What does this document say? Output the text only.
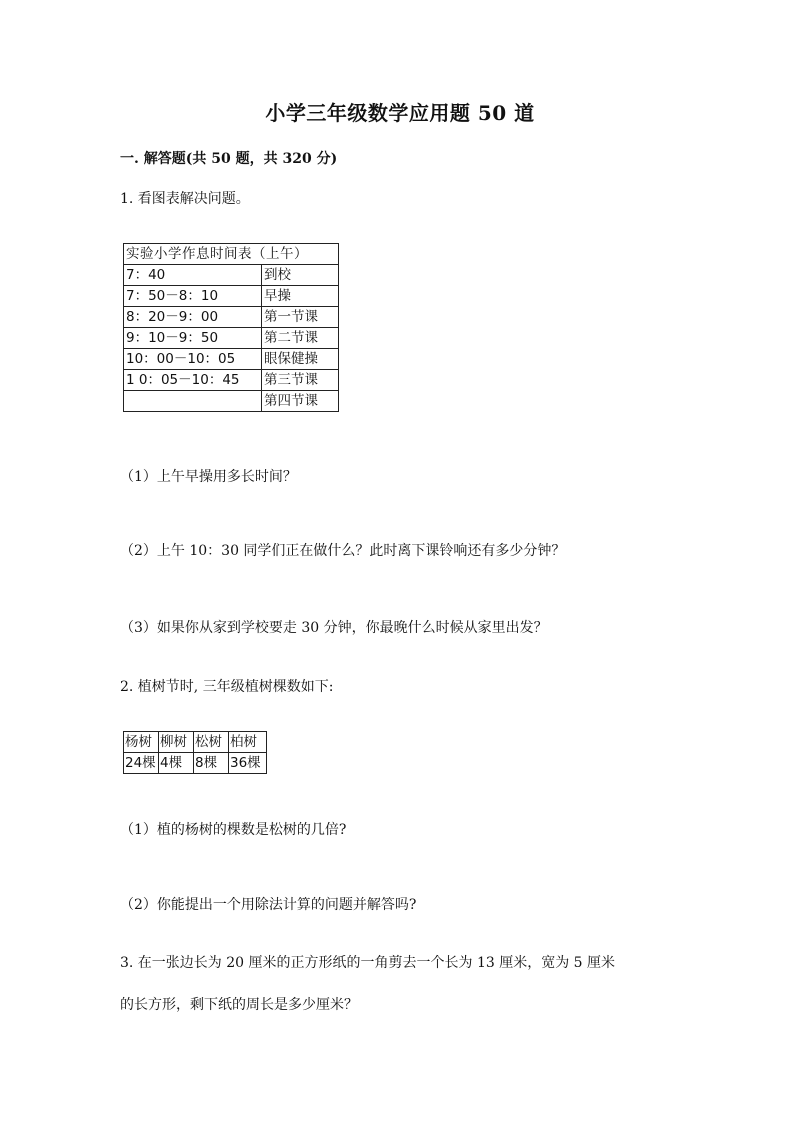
小学三年级数学应用题 50 道
一. 解答题(共 50 题，共 320 分)
1. 看图表解决问题。
实验小学作息时间表（上午）	
7：40	到校
7：50－8：10	早操
8：20－9：00	第一节课
9：10－9：50	第二节课
10：00－10：05	眼保健操
1 0：05－10：45	第三节课
	第四节课
（1）上午早操用多长时间？
（2）上午 10：30 同学们正在做什么？此时离下课铃响还有多少分钟？
（3）如果你从家到学校要走 30 分钟，你最晚什么时候从家里出发？
2. 植树节时, 三年级植树棵数如下:
杨树	柳树	松树	柏树
24棵	4棵	8棵	36棵
（1）植的杨树的棵数是松树的几倍?
（2）你能提出一个用除法计算的问题并解答吗?
3. 在一张边长为 20 厘米的正方形纸的一角剪去一个长为 13 厘米，宽为 5 厘米
的长方形，剩下纸的周长是多少厘米？
